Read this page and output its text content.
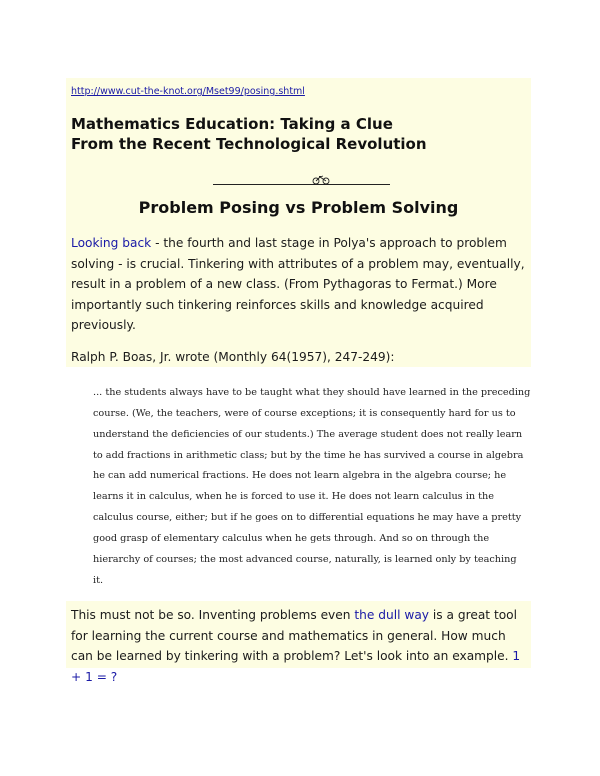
http://www.cut-the-knot.org/Mset99/posing.shtml
Mathematics Education: Taking a Clue
From the Recent Technological Revolution
Problem Posing vs Problem Solving
Looking back - the fourth and last stage in Polya's approach to problem solving - is crucial. Tinkering with attributes of a problem may, eventually, result in a problem of a new class. (From Pythagoras to Fermat.) More importantly such tinkering reinforces skills and knowledge acquired previously.
Ralph P. Boas, Jr. wrote (Monthly 64(1957), 247-249):
... the students always have to be taught what they should have learned in the preceding
course. (We, the teachers, were of course exceptions; it is consequently hard for us to
understand the deficiencies of our students.) The average student does not really learn
to add fractions in arithmetic class; but by the time he has survived a course in algebra
he can add numerical fractions. He does not learn algebra in the algebra course; he
learns it in calculus, when he is forced to use it. He does not learn calculus in the
calculus course, either; but if he goes on to differential equations he may have a pretty
good grasp of elementary calculus when he gets through. And so on through the
hierarchy of courses; the most advanced course, naturally, is learned only by teaching
it.
This must not be so. Inventing problems even the dull way is a great tool for learning the current course and mathematics in general. How much can be learned by tinkering with a problem? Let's look into an example. 1 + 1 = ?
